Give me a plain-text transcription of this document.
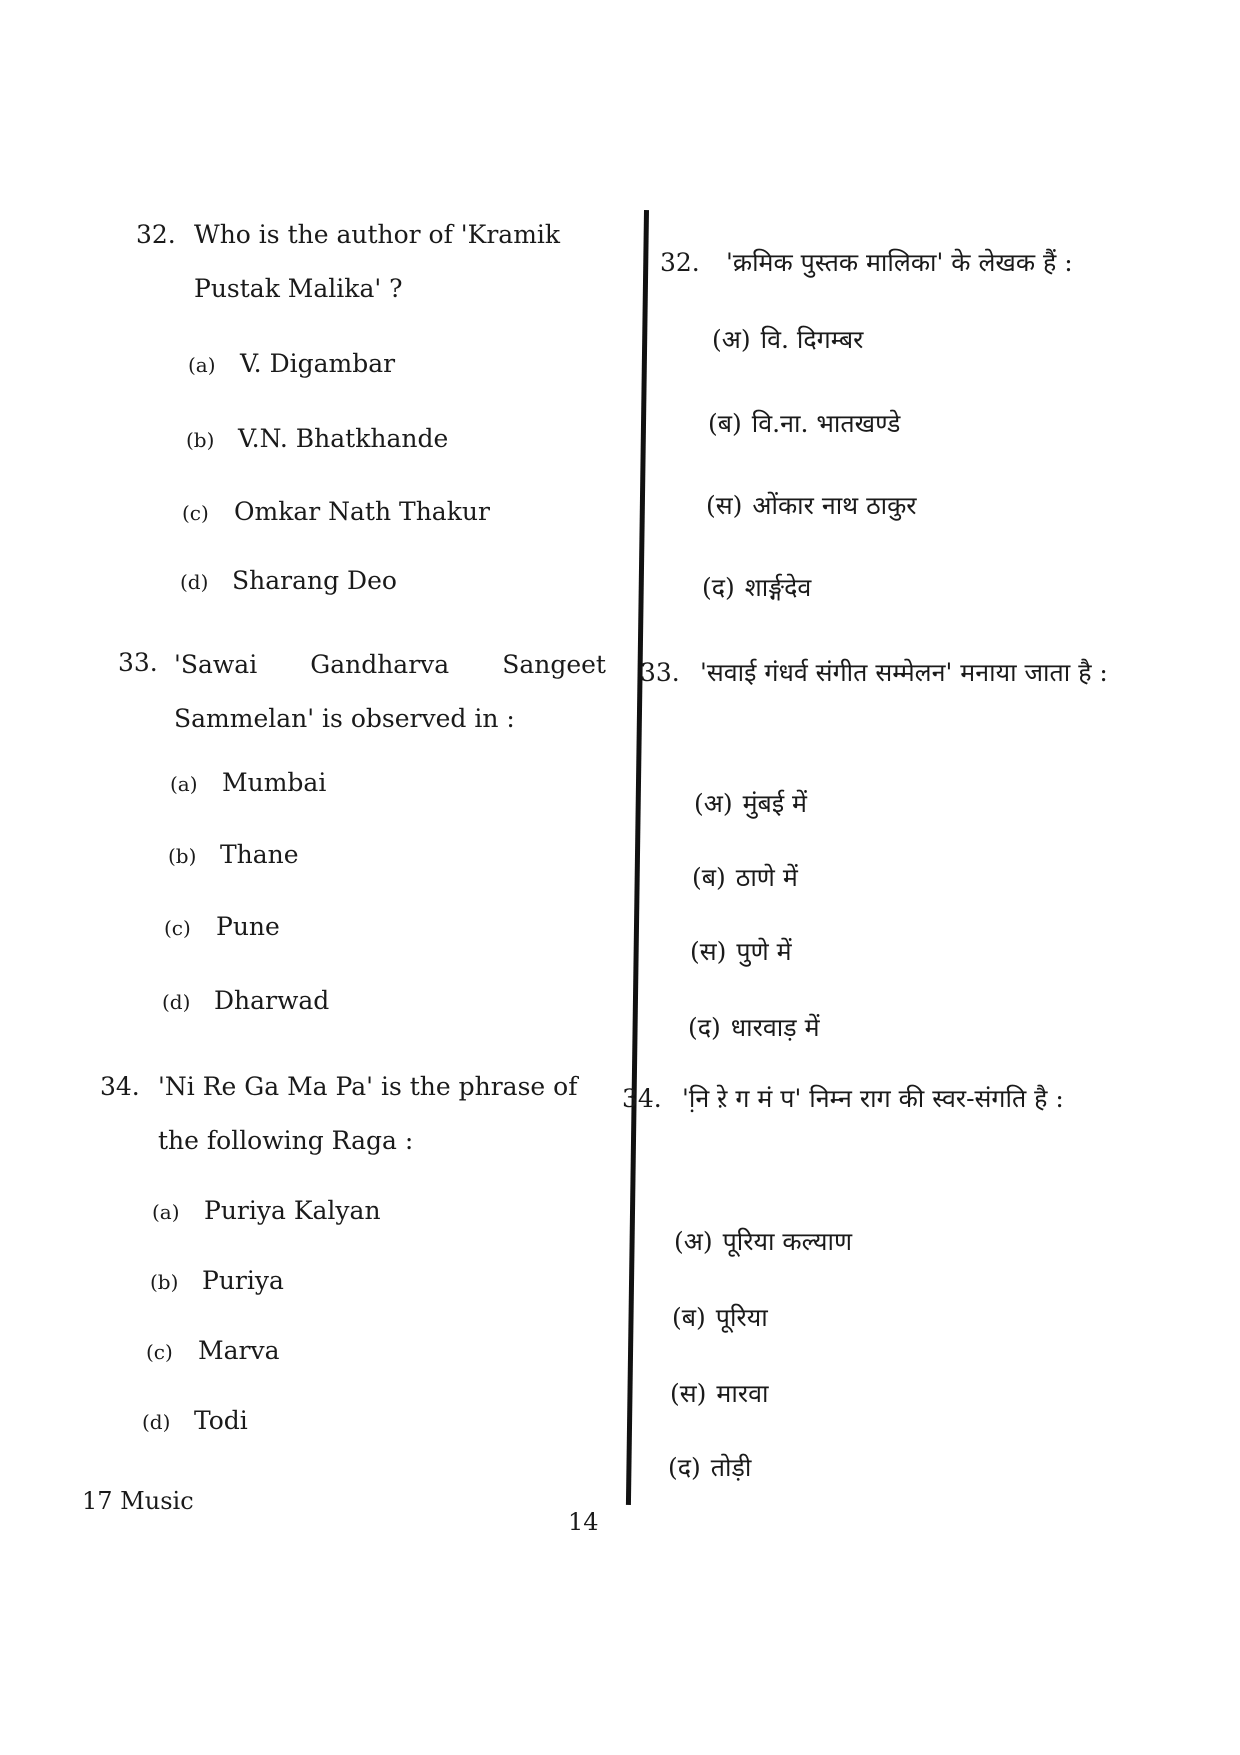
32. Who is the author of 'Kramik Pustak Malika' ?
(a) V. Digambar
(b) V.N. Bhatkhande
(c) Omkar Nath Thakur
(d) Sharang Deo
33. 'Sawai Gandharva Sangeet
Sammelan' is observed in :
(a) Mumbai
(b) Thane
(c) Pune
(d) Dharwad
34. 'Ni Re Ga Ma Pa' is the phrase of the following Raga :
(a) Puriya Kalyan
(b) Puriya
(c) Marva
(d) Todi
32.	'क्रमिक पुस्तक मालिका' के लेखक हैं :
(अ) वि. दिगम्बर
(ब) वि.ना. भातखण्डे
(स) ओंकार नाथ ठाकुर
(द) शार्ङ्गदेव
33. 'सवाई गंधर्व संगीत सम्मेलन' मनाया जाता है :
(अ) मुंबई में
(ब) ठाणे में
(स) पुणे में
(द) धारवाड़ में
34. 'नि़ रे़ ग मं प' निम्न राग की स्वर-संगति है :
(अ) पूरिया कल्याण
(ब) पूरिया
(स) मारवा
(द) तोड़ी
17 Music
14
